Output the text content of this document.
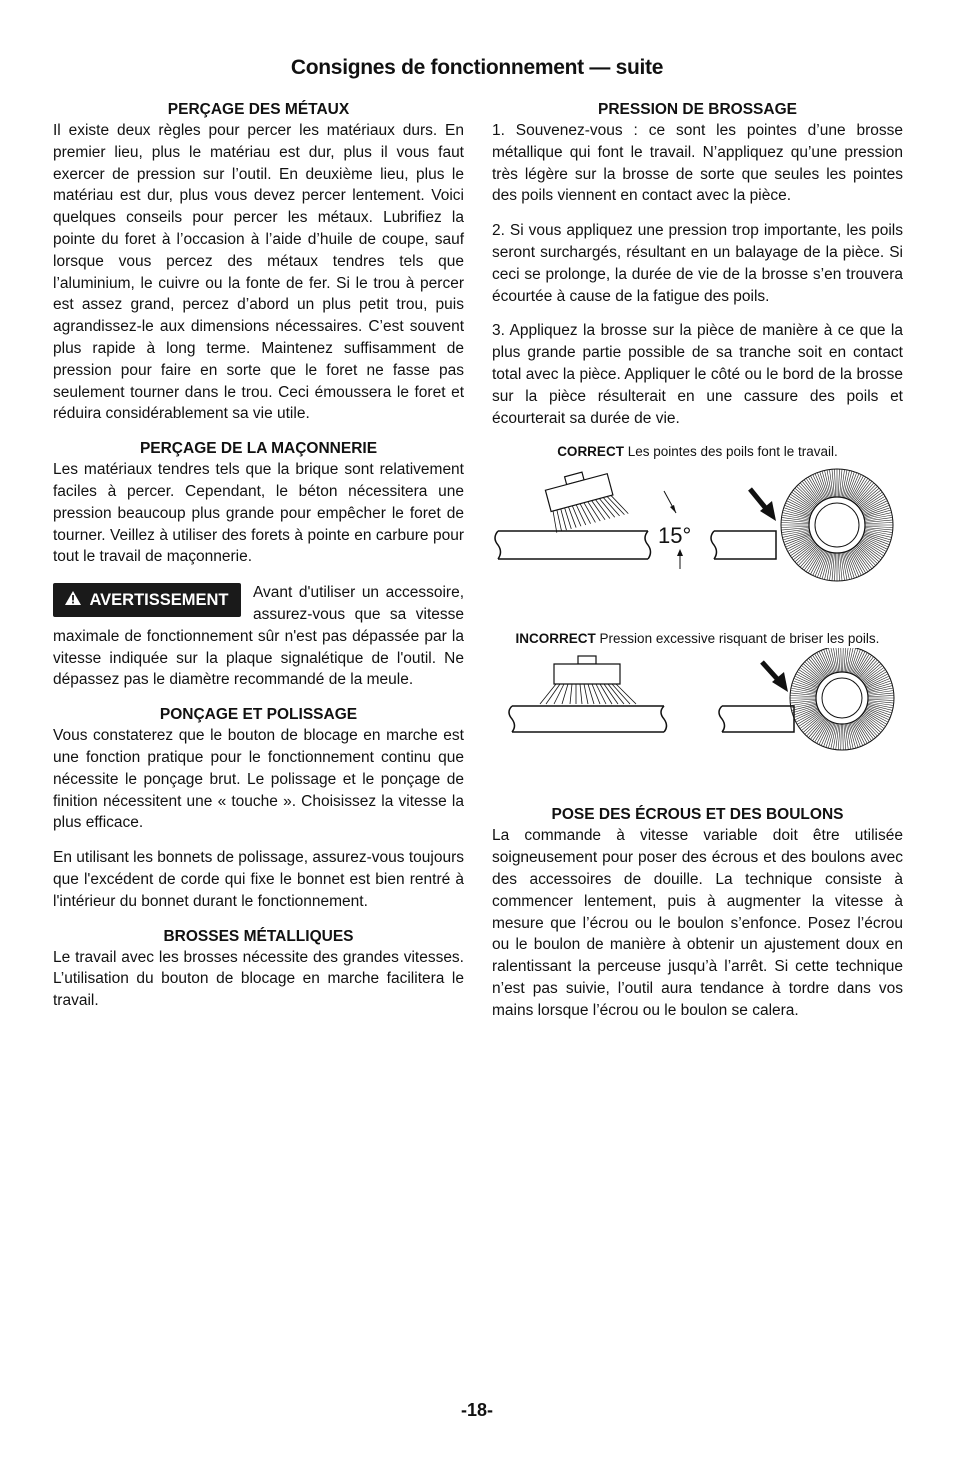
Consignes de fonctionnement — suite
PERÇAGE DES MÉTAUX

Il existe deux règles pour percer les matériaux durs. En premier lieu, plus le matériau est dur, plus il vous faut exercer de pression sur l’outil. En deuxième lieu, plus le matériau est dur, plus vous devez percer lentement. Voici quelques conseils pour percer les métaux. Lubrifiez la pointe du foret à l’occasion à l’aide d’huile de coupe, sauf lorsque vous percez des métaux tendres tels que l’aluminium, le cuivre ou la fonte de fer. Si le trou à percer est assez grand, percez d’abord un plus petit trou, puis agrandissez-le aux dimensions nécessaires. C’est souvent plus rapide à long terme. Maintenez suffisamment de pression pour faire en sorte que le foret ne fasse pas seulement tourner dans le trou. Ceci émoussera le foret et réduira considérablement sa vie utile.

PERÇAGE DE LA MAÇONNERIE

Les matériaux tendres tels que la brique sont relativement faciles à percer. Cependant, le béton nécessitera une pression beaucoup plus grande pour empêcher le foret de tourner. Veillez à utiliser des forets à pointe en carbure pour tout le travail de maçonnerie.

AVERTISSEMENT	Avant d'utiliser un accessoire, assurez-vous que sa vitesse maximale de fonctionnement sûr n'est pas dépassée par la vitesse indiquée sur la plaque signalétique de l'outil. Ne dépassez pas le diamètre recommandé de la meule.

PONÇAGE ET POLISSAGE

Vous constaterez que le bouton de blocage en marche est une fonction pratique pour le fonctionnement continu que nécessite le ponçage brut. Le polissage et le ponçage de finition nécessitent une « touche ». Choisissez la vitesse la plus efficace.

En utilisant les bonnets de polissage, assurez-vous toujours que l'excédent de corde qui fixe le bonnet est bien rentré à l'intérieur du bonnet durant le fonctionnement.

BROSSES MÉTALLIQUES

Le travail avec les brosses nécessite des grandes vitesses. L’utilisation du bouton de blocage en marche facilitera le travail.

PRESSION DE BROSSAGE

1. Souvenez-vous : ce sont les pointes d’une brosse métallique qui font le travail. N’appliquez qu’une pression très légère sur la brosse de sorte que seules les pointes des poils viennent en contact avec la pièce.

2. Si vous appliquez une pression trop importante, les poils seront surchargés, résultant en un balayage de la pièce. Si ceci se prolonge, la durée de vie de la brosse s’en trouvera écourtée à cause de la fatigue des poils.

3. Appliquez la brosse sur la pièce de manière à ce que la plus grande partie possible de sa tranche soit en contact total avec la pièce. Appliquer le côté ou le bord de la brosse sur la pièce résulterait en une cassure des poils et écourterait sa durée de vie.

CORRECT Les pointes des poils font le travail.

15°

INCORRECT Pression excessive risquant de briser les poils.

POSE DES ÉCROUS ET DES BOULONS

La commande à vitesse variable doit être utilisée soigneusement pour poser des écrous et des boulons avec des accessoires de douille. La technique consiste à commencer lentement, puis à augmenter la vitesse à mesure que l’écrou ou le boulon s’enfonce. Posez l’écrou ou le boulon de manière à obtenir un ajustement doux en ralentissant la perceuse jusqu’à l’arrêt. Si cette technique n’est pas suivie, l’outil aura tendance à tordre dans vos mains lorsque l’écrou ou le boulon se calera.

-18-
